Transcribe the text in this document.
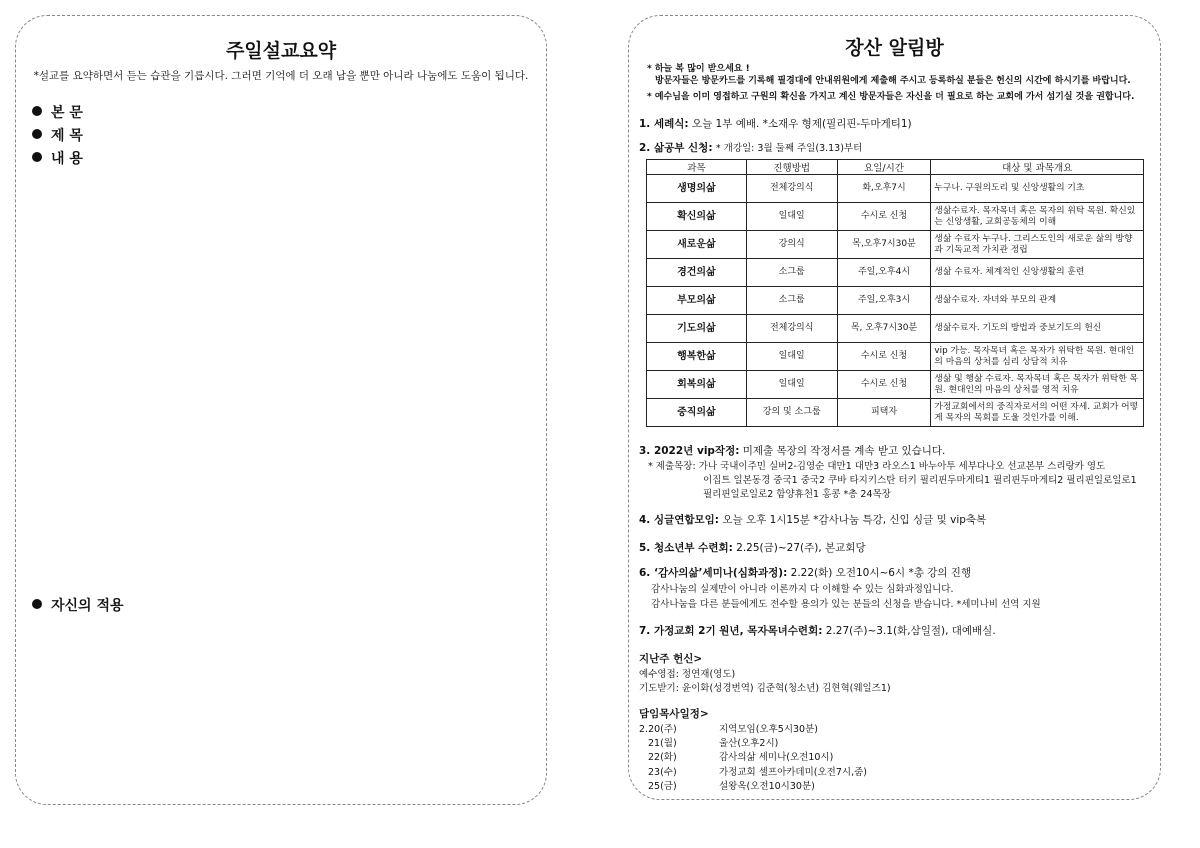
주일설교요약
*설교를 요약하면서 듣는 습관을 기릅시다. 그러면 기억에 더 오래 남을 뿐만 아니라 나눔에도 도움이 됩니다.
본 문
제 목
내 용
자신의 적용
장산 알림방
* 하늘 복 많이 받으세요 !
방문자들은 방문카드를 기록해 필경대에 안내위원에게 제출해 주시고 등록하실 분들은 헌신의 시간에 하시기를 바랍니다.
* 예수님을 이미 영접하고 구원의 확신을 가지고 계신 방문자들은 자신을 더 필요로 하는 교회에 가서 섬기실 것을 권합니다.
1. 세례식: 오늘 1부 예배. *소재우 형제(필리핀-두마게티1)
2. 삶공부 신청: * 개강일: 3월 둘째 주일(3.13)부터
과목	진행방법	요일/시간	대상 및 과목개요
생명의삶	전체강의식	화,오후7시	누구나. 구원의도리 및 신앙생활의 기초
확신의삶	일대일	수시로 신청	생삶수료자. 목자목녀 혹은 목자의 위탁 목원. 확신있는 신앙생활, 교회공동체의 이해
새로운삶	강의식	목,오후7시30분	생삶 수료자 누구나. 그리스도인의 새로운 삶의 방향과 기독교적 가치관 정립
경건의삶	소그룹	주일,오후4시	생삶 수료자. 체계적인 신앙생활의 훈련
부모의삶	소그룹	주일,오후3시	생삶수료자. 자녀와 부모의 관계
기도의삶	전체강의식	목, 오후7시30분	생삶수료자. 기도의 방법과 중보기도의 헌신
행복한삶	일대일	수시로 신청	vip 가능. 목자목녀 혹은 목자가 위탁한 목원. 현대인의 마음의 상처를 심리 상담적 치유
회복의삶	일대일	수시로 신청	생삶 및 행삶 수료자. 목자목녀 혹은 목자가 위탁한 목원. 현대인의 마음의 상처를 영적 치유
중직의삶	강의 및 소그룹	피택자	가정교회에서의 중직자로서의 어떤 자세. 교회가 어떻게 목자의 목회를 도울 것인가를 이해.
3. 2022년 vip작정: 미제출 목장의 작정서를 계속 받고 있습니다.
* 제출목장: 가나 국내이주민 실버2-김영순 대만1 대만3 라오스1 바누아투 세부다나오 선교본부 스리랑카 영도
이집트 일본동경 중국1 중국2 쿠바 타지키스탄 터키 필리핀두마게티1 필리핀두마게티2 필리핀일로일로1
필리핀일로일로2 함양휴천1 홍콩 *총 24목장
4. 싱글연합모임: 오늘 오후 1시15분 *감사나눔 특강, 신입 싱글 및 vip축복
5. 청소년부 수련회: 2.25(금)~27(주), 본교회당
6. ‘감사의삶’세미나(심화과정): 2.22(화) 오전10시~6시 *총 강의 진행
감사나눔의 실제만이 아니라 이론까지 다 이해할 수 있는 심화과정입니다.
감사나눔을 다른 분들에게도 전수할 용의가 있는 분들의 신청을 받습니다. *세미나비 선역 지원
7. 가정교회 2기 원년, 목자목녀수련회: 2.27(주)~3.1(화,삼일절), 대예배실.
지난주 헌신>
예수영접: 정연재(영도)
기도받기: 윤이화(성경번역) 김준혁(청소년) 김현혁(웨일즈1)
담임목사일정>
2.20(주)	지역모임(오후5시30분)
21(월)	울산(오후2시)
22(화)	감사의삶 세미나(오전10시)
23(수)	가정교회 셀프아카데미(오전7시,줌)
25(금)	설왕옥(오전10시30분)
